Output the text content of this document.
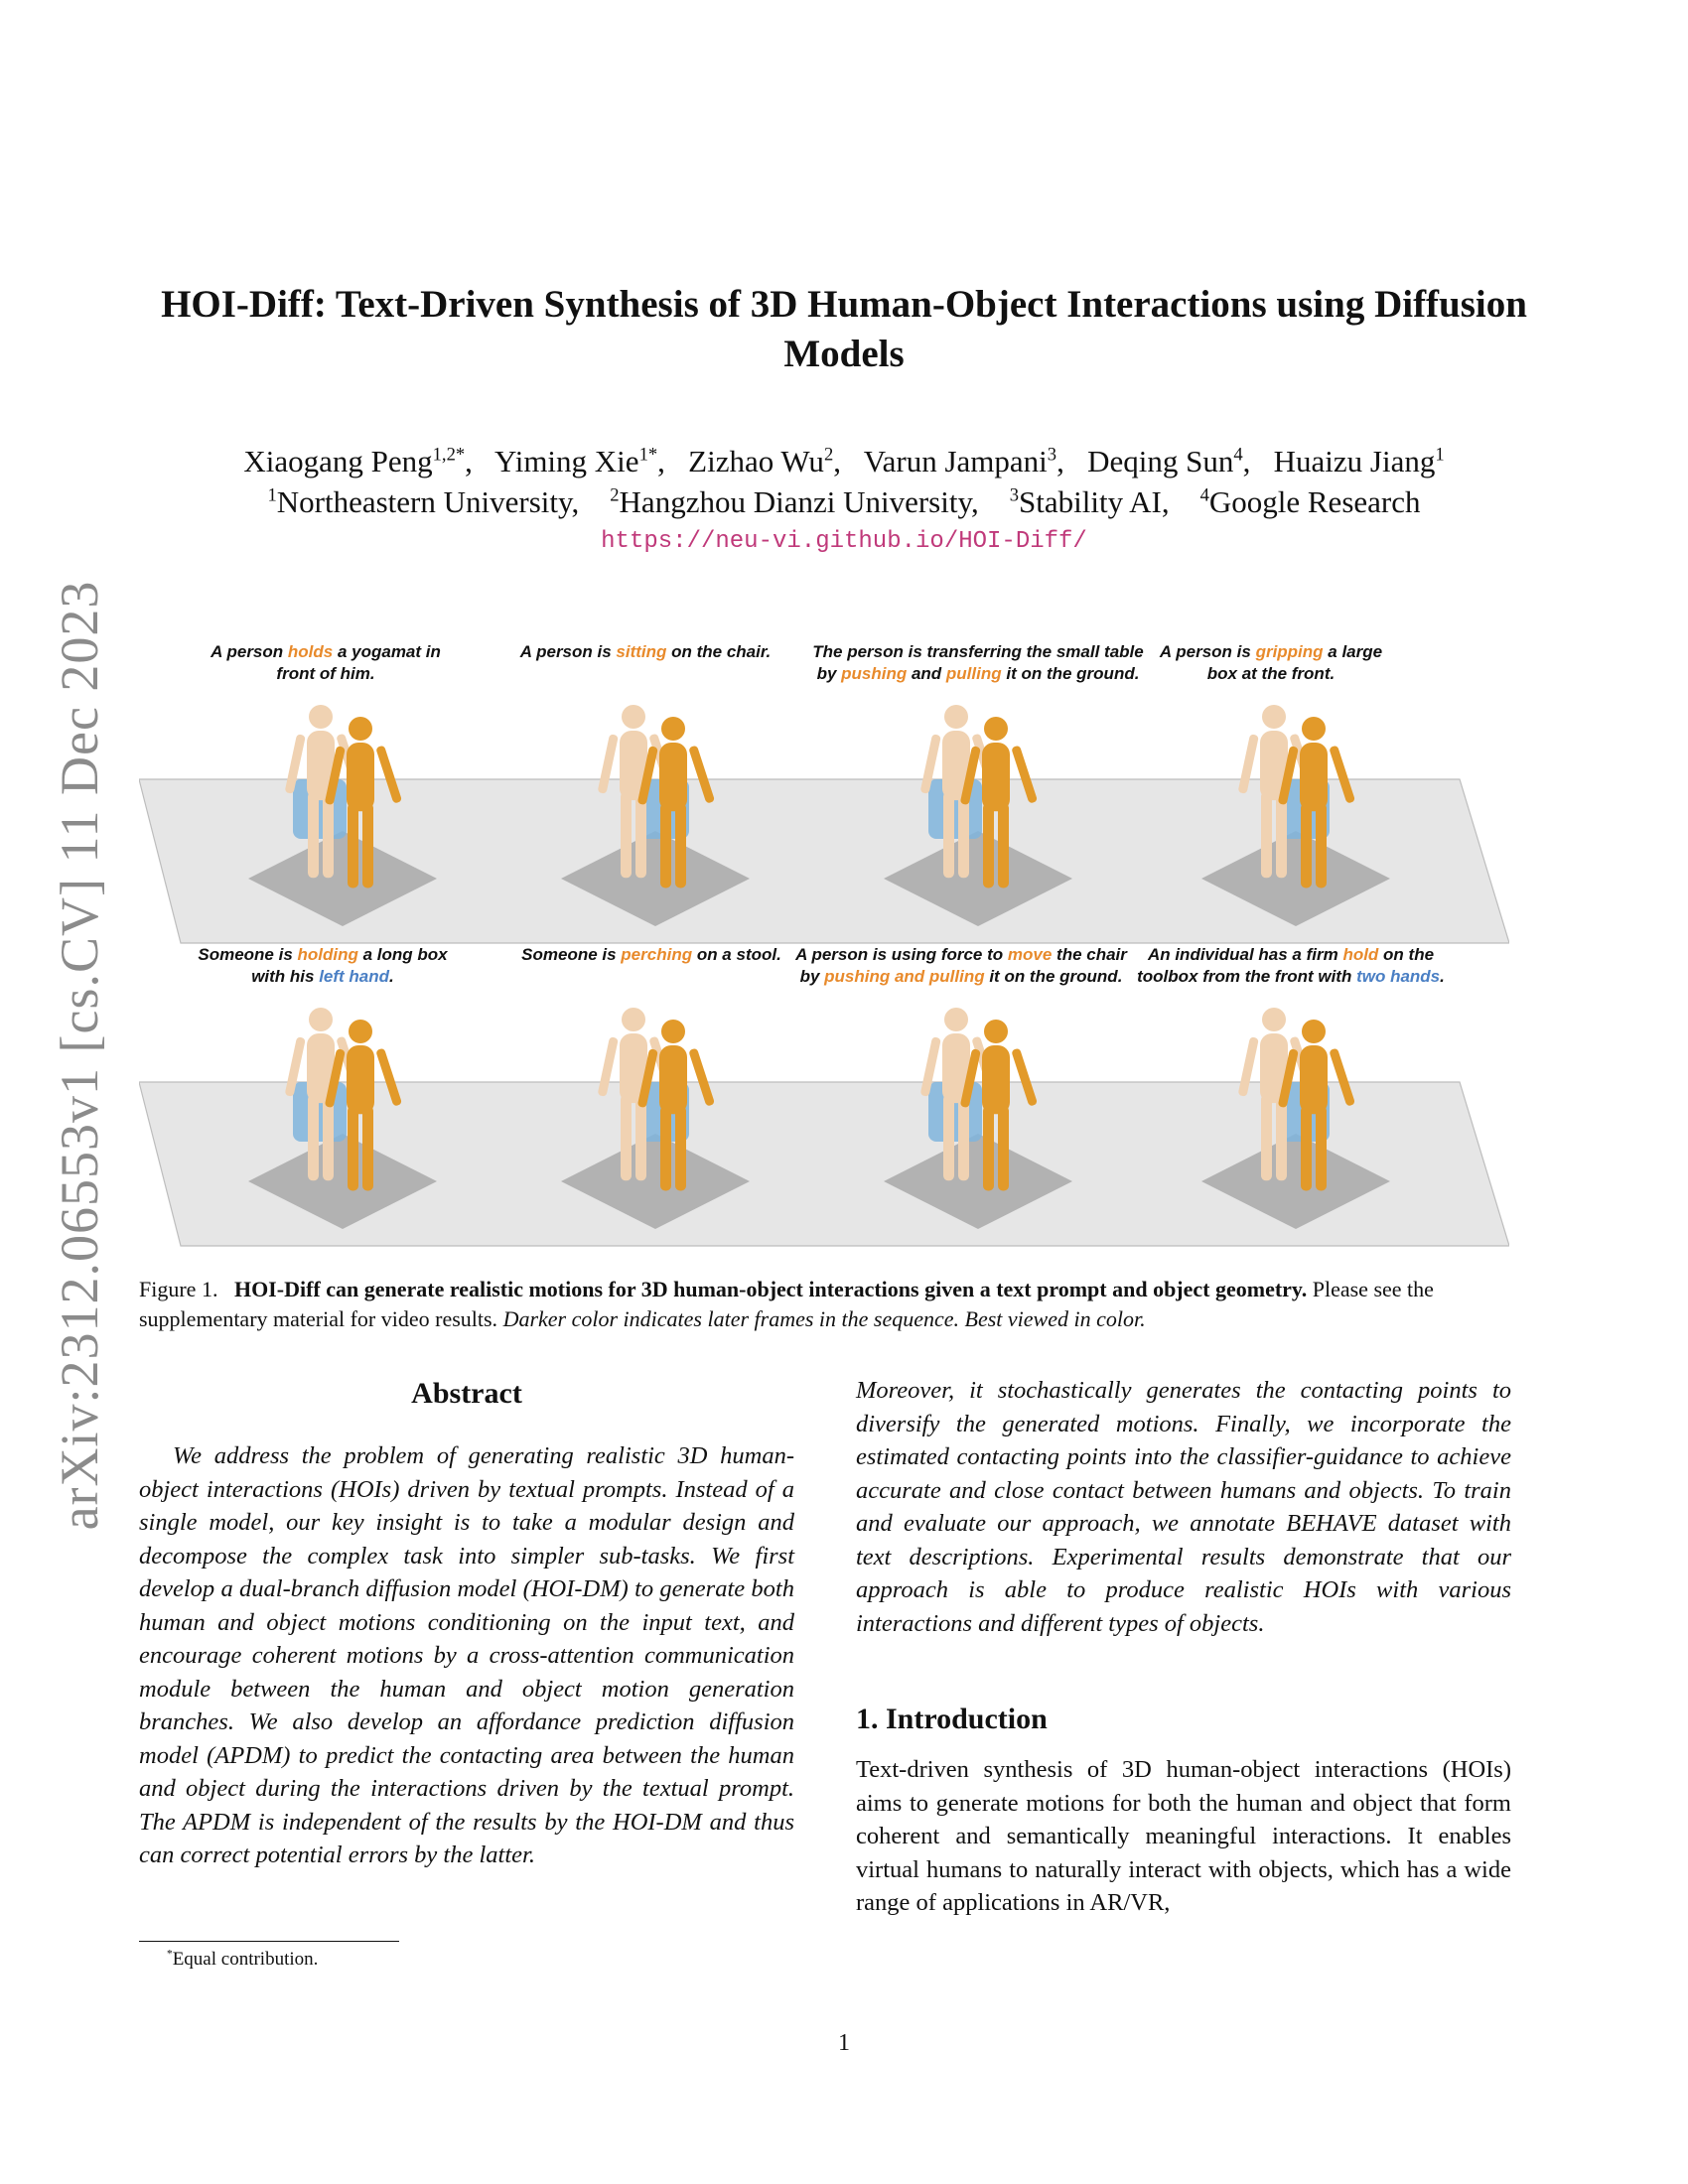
arXiv:2312.06553v1 [cs.CV] 11 Dec 2023
HOI-Diff: Text-Driven Synthesis of 3D Human-Object Interactions using Diffusion Models
Xiaogang Peng$^{1,2*}$,   Yiming Xie$^{1*}$,   Zizhao Wu$^2$,   Varun Jampani$^3$,   Deqing Sun$^4$,   Huaizu Jiang$^1$
$^1$Northeastern University,    $^2$Hangzhou Dianzi University,    $^3$Stability AI,    $^4$Google Research
https://neu-vi.github.io/HOI-Diff/
A person holds a yogamat in
front of him.
A person is sitting on the chair. The person is transferring the small table
by pushing and pulling it on the ground.
A person is gripping a large
box at the front.
Someone is holding a long box
with his left hand.
Someone is perching on a stool. A person is using force to move the chair
by pushing and pulling it on the ground.
An individual has a firm hold on the
toolbox from the front with two hands.
Figure 1. HOI-Diff can generate realistic motions for 3D human-object interactions given a text prompt and object geometry. Please see the supplementary material for video results. Darker color indicates later frames in the sequence. Best viewed in color.
Abstract

We address the problem of generating realistic 3D human-object interactions (HOIs) driven by textual prompts. Instead of a single model, our key insight is to take a modular design and decompose the complex task into simpler sub-tasks. We first develop a dual-branch diffusion model (HOI-DM) to generate both human and object motions conditioning on the input text, and encourage coherent motions by a cross-attention communication module between the human and object motion generation branches. We also develop an affordance prediction diffusion model (APDM) to predict the contacting area between the human and object during the interactions driven by the textual prompt. The APDM is independent of the results by the HOI-DM and thus can correct potential errors by the latter.

Moreover, it stochastically generates the contacting points to diversify the generated motions. Finally, we incorporate the estimated contacting points into the classifier-guidance to achieve accurate and close contact between humans and objects. To train and evaluate our approach, we annotate BEHAVE dataset with text descriptions. Experimental results demonstrate that our approach is able to produce realistic HOIs with various interactions and different types of objects.

1. Introduction

Text-driven synthesis of 3D human-object interactions (HOIs) aims to generate motions for both the human and object that form coherent and semantically meaningful interactions. It enables virtual humans to naturally interact with objects, which has a wide range of applications in AR/VR,

*Equal contribution.
1
